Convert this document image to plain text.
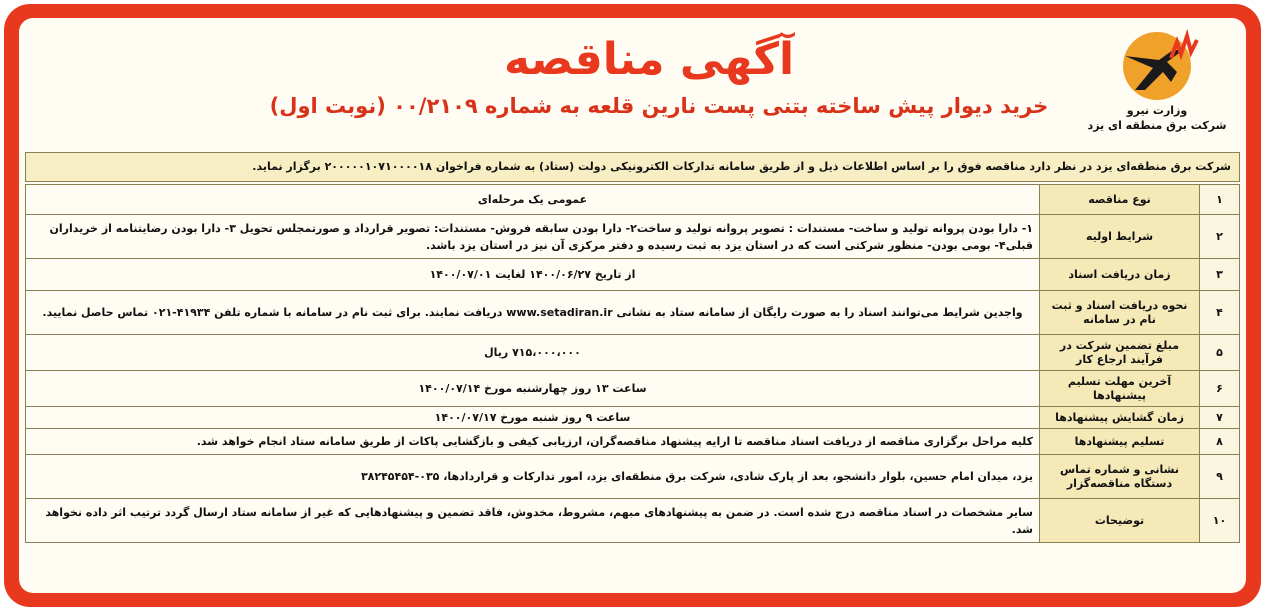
وزارت نیرو
شرکت برق منطقه ای یزد
آگهی مناقصه
خرید دیوار پیش ساخته بتنی پست نارین قلعه به شماره ۰۰/۲۱۰۹ (نوبت اول)
شرکت برق منطقه‌ای یزد در نظر دارد مناقصه فوق را بر اساس اطلاعات ذیل و از طریق سامانه تدارکات الکترونیکی دولت (ستاد) به شماره فراخوان ۲۰۰۰۰۰۱۰۷۱۰۰۰۰۱۸ برگزار نماید.
۱	نوع مناقصه	عمومی یک مرحله‌ای
۲	شرایط اولیه	۱- دارا بودن پروانه تولید و ساخت- مستندات : تصویر پروانه تولید و ساخت۲- دارا بودن سابقه فروش- مستندات: تصویر قرارداد و صورتمجلس تحویل ۳- دارا بودن رضایتنامه از خریداران قبلی۴- بومی بودن- منظور شرکتی است که در استان یزد به ثبت رسیده و دفتر مرکزی آن نیز در استان یزد باشد.
۳	زمان دریافت اسناد	از تاریخ ۱۴۰۰/۰۶/۲۷ لغایت ۱۴۰۰/۰۷/۰۱
۴	نحوه دریافت اسناد و ثبت نام در سامانه	واجدین شرایط می‌توانند اسناد را به صورت رایگان از سامانه ستاد به نشانی www.setadiran.ir دریافت نمایند. برای ثبت نام در سامانه با شماره تلفن ۴۱۹۳۴-۰۲۱ تماس حاصل نمایید.
۵	مبلغ تضمین شرکت در فرآیند ارجاع کار	۷۱۵،۰۰۰،۰۰۰ ریال
۶	آخرین مهلت تسلیم پیشنهادها	ساعت ۱۳ روز چهارشنبه مورخ ۱۴۰۰/۰۷/۱۴
۷	زمان گشایش پیشنهادها	ساعت ۹ روز شنبه مورخ ۱۴۰۰/۰۷/۱۷
۸	تسلیم پیشنهادها	کلیه مراحل برگزاری مناقصه از دریافت اسناد مناقصه تا ارایه پیشنهاد مناقصه‌گران، ارزیابی کیفی و بازگشایی پاکات از طریق سامانه ستاد انجام خواهد شد.
۹	نشانی و شماره تماس دستگاه مناقصه‌گزار	یزد، میدان امام حسین، بلوار دانشجو، بعد از پارک شادی، شرکت برق منطقه‌ای یزد، امور تدارکات و قراردادها، ۰۳۵-۳۸۲۴۵۴۵۴
۱۰	توضیحات	سایر مشخصات در اسناد مناقصه درج شده است. در ضمن به پیشنهادهای مبهم، مشروط، مخدوش، فاقد تضمین و پیشنهادهایی که غیر از سامانه ستاد ارسال گردد ترتیب اثر داده نخواهد شد.
